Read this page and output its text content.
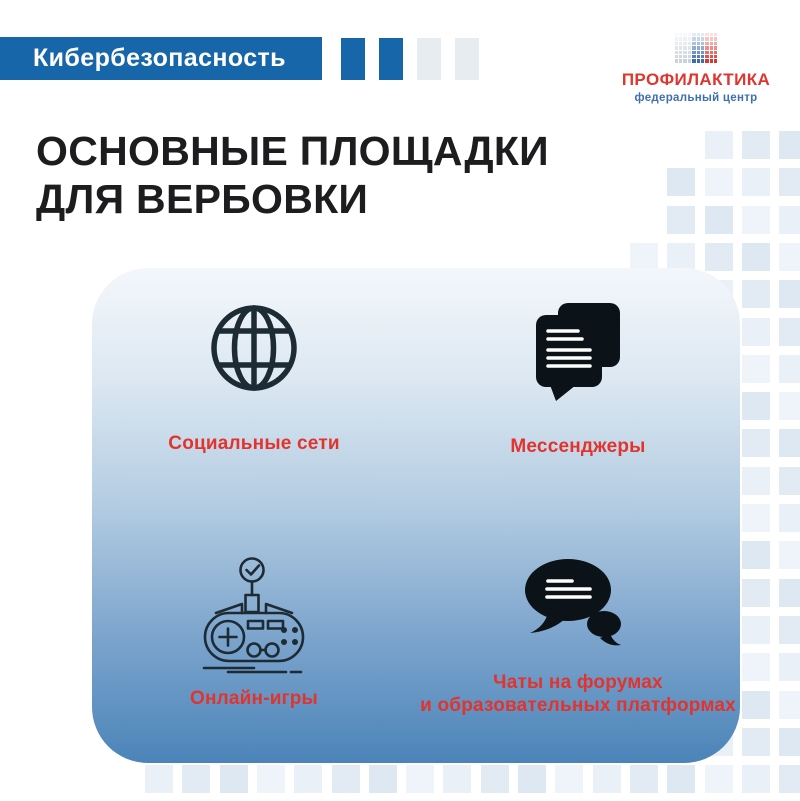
Кибербезопасность
ПРОФИЛАКТИКА
федеральный центр
ОСНОВНЫЕ ПЛОЩАДКИ
ДЛЯ ВЕРБОВКИ
Социальные сети	Мессенджеры
Онлайн-игры
Чаты на форумах
и образовательных платформах
